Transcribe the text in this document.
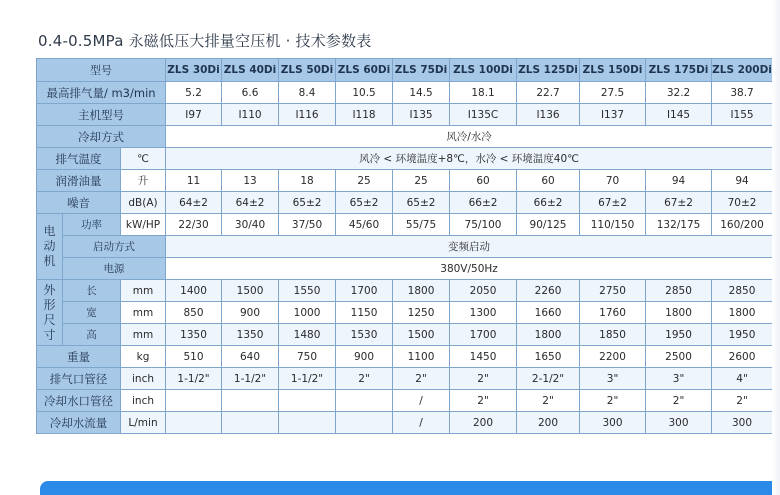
0.4-0.5MPa 永磁低压大排量空压机 · 技术参数表
型号			ZLS 30Di	ZLS 40Di	ZLS 50Di	ZLS 60Di	ZLS 75Di	ZLS 100Di	ZLS 125Di	ZLS 150Di	ZLS 175Di	ZLS 200Di
最高排气量/ m3/min			5.2	6.6	8.4	10.5	14.5	18.1	22.7	27.5	32.2	38.7
主机型号			I97	I110	I116	I118	I135	I135C	I136	I137	I145	I155
冷却方式			风冷/水冷									
排气温度		℃	风冷 < 环境温度+8℃，水冷 < 环境温度40℃									
润滑油量		升	11	13	18	25	25	60	60	70	94	94
噪音		dB(A)	64±2	64±2	65±2	65±2	65±2	66±2	66±2	67±2	67±2	70±2

电
动
机	功率	kW/HP	22/30	30/40	37/50	45/60	55/75	75/100	90/125	110/150	132/175	160/200
	启动方式		变频启动									
	电源		380V/50Hz									

外
形
尺
寸	长	mm	1400	1500	1550	1700	1800	2050	2260	2750	2850	2850
	宽	mm	850	900	1000	1150	1250	1300	1660	1760	1800	1800
	高	mm	1350	1350	1480	1530	1500	1700	1800	1850	1950	1950
重量		kg	510	640	750	900	1100	1450	1650	2200	2500	2600
排气口管径		inch	1-1/2"	1-1/2"	1-1/2"	2"	2"	2"	2-1/2"	3"	3"	4"
冷却水口管径		inch					/	2"	2"	2"	2"	2"
冷却水流量		L/min					/	200	200	300	300	300
